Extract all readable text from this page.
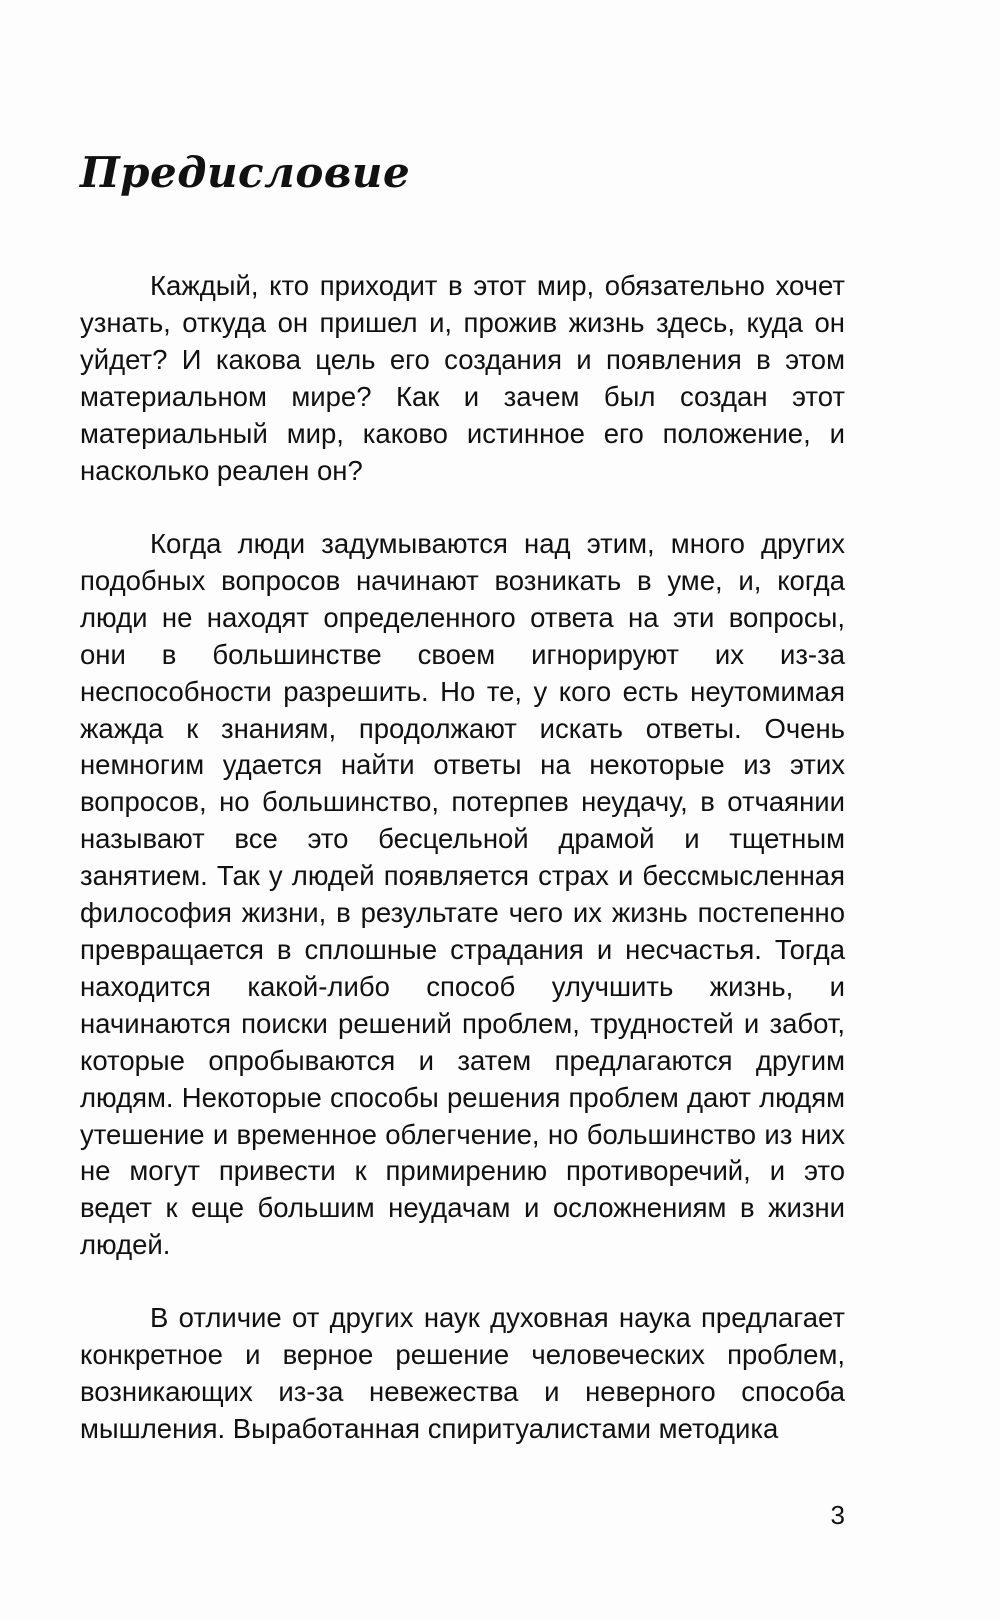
Предисловие

Каждый, кто приходит в этот мир, обязательно хочет узнать, откуда он пришел и, прожив жизнь здесь, куда он уйдет? И какова цель его создания и появления в этом материальном мире? Как и зачем был создан этот материальный мир, каково истинное его положение, и насколько реален он?

Когда люди задумываются над этим, много других подобных вопросов начинают возникать в уме, и, когда люди не находят определенного ответа на эти вопросы, они в большинстве своем игнорируют их из-за неспособности разрешить. Но те, у кого есть неутомимая жажда к знаниям, продолжают искать ответы. Очень немногим удается найти ответы на некоторые из этих вопросов, но большинство, потерпев неудачу, в отчаянии называют все это бесцельной драмой и тщетным занятием. Так у людей появляется страх и бессмысленная философия жизни, в результате чего их жизнь постепенно превращается в сплошные страдания и несчастья. Тогда находится какой-либо способ улучшить жизнь, и начинаются поиски решений проблем, трудностей и забот, которые опробываются и затем предлагаются другим людям. Некоторые способы решения проблем дают людям утешение и временное облегчение, но большинство из них не могут привести к примирению противоречий, и это ведет к еще большим неудачам и осложнениям в жизни людей.

В отличие от других наук духовная наука предлагает конкретное и верное решение человеческих проблем, возникающих из-за невежества и неверного способа мышления. Выработанная спиритуалистами методика

3
